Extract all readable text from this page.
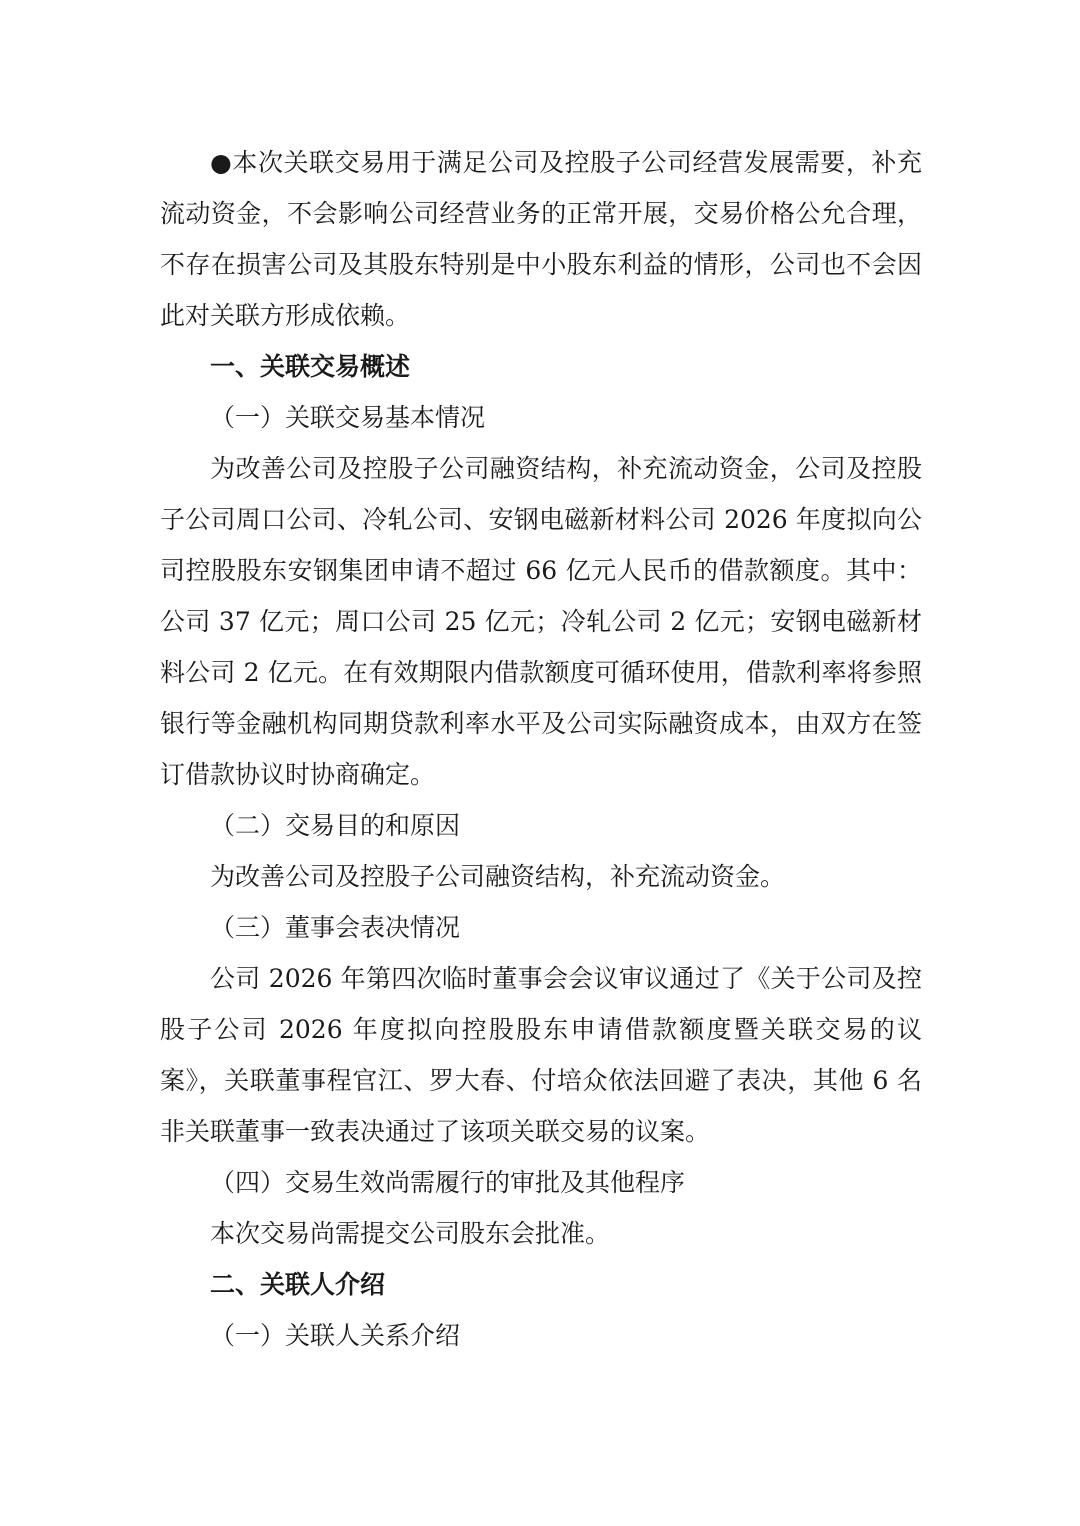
●本次关联交易用于满足公司及控股子公司经营发展需要，补充流动资金，不会影响公司经营业务的正常开展，交易价格公允合理，不存在损害公司及其股东特别是中小股东利益的情形，公司也不会因此对关联方形成依赖。

一、关联交易概述

（一）关联交易基本情况

为改善公司及控股子公司融资结构，补充流动资金，公司及控股子公司周口公司、冷轧公司、安钢电磁新材料公司 2026 年度拟向公司控股股东安钢集团申请不超过 66 亿元人民币的借款额度。其中：公司 37 亿元；周口公司 25 亿元；冷轧公司 2 亿元；安钢电磁新材料公司 2 亿元。在有效期限内借款额度可循环使用，借款利率将参照银行等金融机构同期贷款利率水平及公司实际融资成本，由双方在签订借款协议时协商确定。

（二）交易目的和原因

为改善公司及控股子公司融资结构，补充流动资金。

（三）董事会表决情况

公司 2026 年第四次临时董事会会议审议通过了《关于公司及控股子公司 2026 年度拟向控股股东申请借款额度暨关联交易的议案》，关联董事程官江、罗大春、付培众依法回避了表决，其他 6 名非关联董事一致表决通过了该项关联交易的议案。

（四）交易生效尚需履行的审批及其他程序

本次交易尚需提交公司股东会批准。

二、关联人介绍

（一）关联人关系介绍
